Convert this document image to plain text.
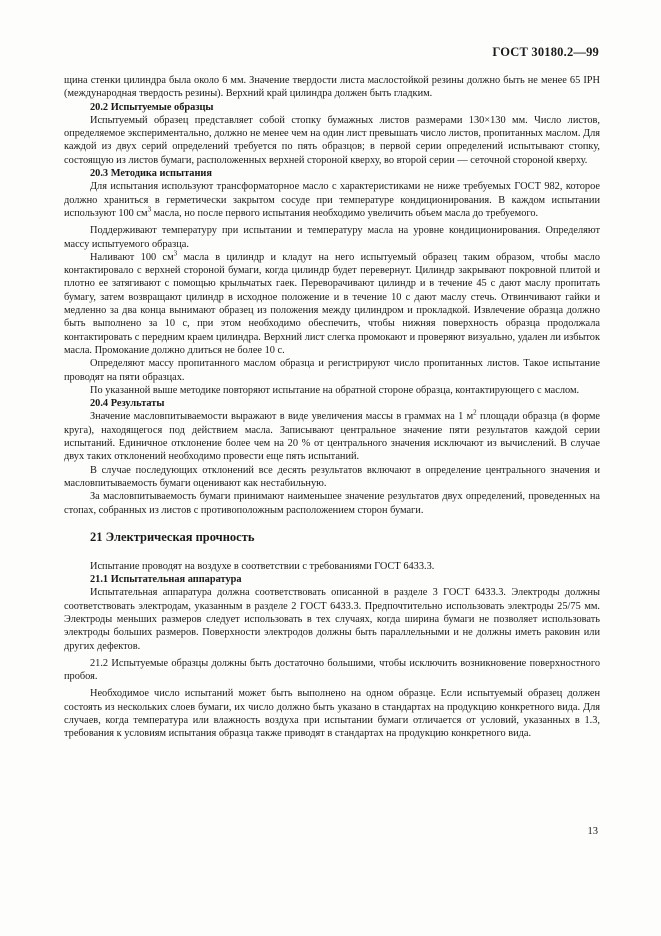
ГОСТ 30180.2—99

щина стенки цилиндра была около 6 мм. Значение твердости листа маслостойкой резины должно быть не менее 65 IPH (международная твердость резины). Верхний край цилиндра должен быть гладким.

20.2 Испытуемые образцы

Испытуемый образец представляет собой стопку бумажных листов размерами 130×130 мм. Число листов, определяемое экспериментально, должно не менее чем на один лист превышать число листов, пропитанных маслом. Для каждой из двух серий определений требуется по пять образцов; в первой серии определений испытывают стопку, состоящую из листов бумаги, расположенных верхней стороной кверху, во второй серии — сеточной стороной кверху.

20.3 Методика испытания

Для испытания используют трансформаторное масло с характеристиками не ниже требуемых ГОСТ 982, которое должно храниться в герметически закрытом сосуде при температуре кондиционирования. В каждом испытании используют 100 $см^3$ масла, но после первого испытания необходимо увеличить объем масла до требуемого.

Поддерживают температуру при испытании и температуру масла на уровне кондиционирования. Определяют массу испытуемого образца.

Наливают 100 $см^3$ масла в цилиндр и кладут на него испытуемый образец таким образом, чтобы масло контактировало с верхней стороной бумаги, когда цилиндр будет перевернут. Цилиндр закрывают покровной плитой и плотно ее затягивают с помощью крыльчатых гаек. Переворачивают цилиндр и в течение 45 с дают маслу пропитать бумагу, затем возвращают цилиндр в исходное положение и в течение 10 с дают маслу стечь. Отвинчивают гайки и медленно за два конца вынимают образец из положения между цилиндром и прокладкой. Извлечение образца должно быть выполнено за 10 с, при этом необходимо обеспечить, чтобы нижняя поверхность образца продолжала контактировать с передним краем цилиндра. Верхний лист слегка промокают и проверяют визуально, удален ли избыток масла. Промокание должно длиться не более 10 с.

Определяют массу пропитанного маслом образца и регистрируют число пропитанных листов. Такое испытание проводят на пяти образцах.

По указанной выше методике повторяют испытание на обратной стороне образца, контактирующего с маслом.

20.4 Результаты

Значение масловпитываемости выражают в виде увеличения массы в граммах на 1 $м^2$ площади образца (в форме круга), находящегося под действием масла. Записывают центральное значение пяти результатов каждой серии испытаний. Единичное отклонение более чем на 20 % от центрального значения исключают из вычислений. В случае двух таких отклонений необходимо провести еще пять испытаний.

В случае последующих отклонений все десять результатов включают в определение центрального значения и масловпитываемость бумаги оценивают как нестабильную.

За масловпитываемость бумаги принимают наименьшее значение результатов двух определений, проведенных на стопах, собранных из листов с противоположным расположением сторон бумаги.

21 Электрическая прочность

Испытание проводят на воздухе в соответствии с требованиями ГОСТ 6433.3.

21.1 Испытательная аппаратура

Испытательная аппаратура должна соответствовать описанной в разделе 3 ГОСТ 6433.3. Электроды должны соответствовать электродам, указанным в разделе 2 ГОСТ 6433.3. Предпочтительно использовать электроды 25/75 мм. Электроды меньших размеров следует использовать в тех случаях, когда ширина бумаги не позволяет использовать электроды больших размеров. Поверхности электродов должны быть параллельными и не должны иметь раковин или других дефектов.

21.2 Испытуемые образцы должны быть достаточно большими, чтобы исключить возникновение поверхностного пробоя.

Необходимое число испытаний может быть выполнено на одном образце. Если испытуемый образец должен состоять из нескольких слоев бумаги, их число должно быть указано в стандартах на продукцию конкретного вида. Для случаев, когда температура или влажность воздуха при испытании бумаги отличается от условий, указанных в 1.3, требования к условиям испытания образца также приводят в стандартах на продукцию конкретного вида.

13
